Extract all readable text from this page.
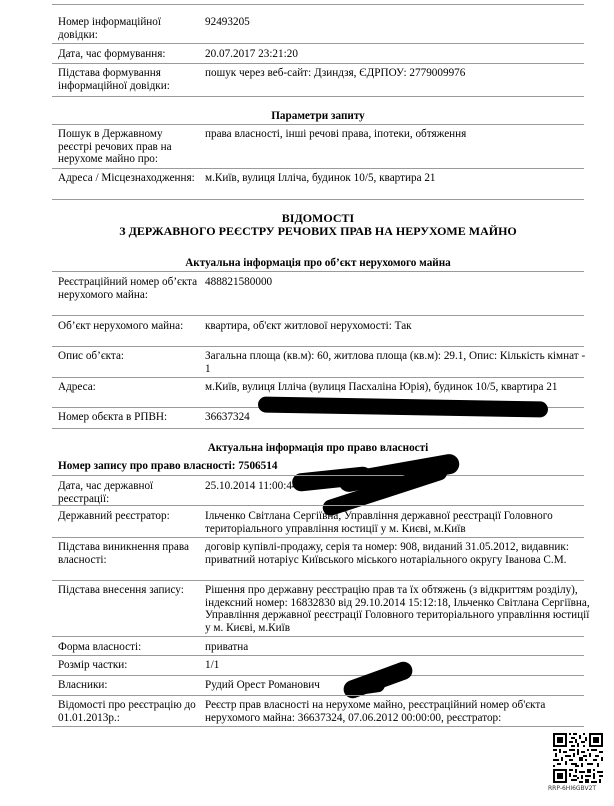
Номер інформаційної довідки:
92493205
Дата, час формування:	20.07.2017 23:21:20
Підстава формування інформаційної довідки:
пошук через веб-сайт: Дзиндзя, ЄДРПОУ: 2779009976
Параметри запиту
Пошук в Державному реєстрі речових прав на нерухоме майно про:
права власності, інші речові права, іпотеки, обтяження
Адреса / Місцезнаходження: м.Київ, вулиця Ілліча, будинок 10/5, квартира 21
ВІДОМОСТІ
З ДЕРЖАВНОГО РЕЄСТРУ РЕЧОВИХ ПРАВ НА НЕРУХОМЕ МАЙНО
Актуальна інформація про об’єкт нерухомого майна
Реєстраційний номер об’єкта нерухомого майна:
488821580000
Об’єкт нерухомого майна:	квартира, об'єкт житлової нерухомості: Так
Опис об’єкта:	Загальна площа (кв.м): 60, житлова площа (кв.м): 29.1, Опис: Кількість кімнат - 1
Адреса:	м.Київ, вулиця Ілліча (вулиця Пасхаліна Юрія), будинок 10/5, квартира 21
Номер обєкта в РПВН:	36637324
Актуальна інформація про право власності
Номер запису про право власності: 7506514
Дата, час державної реєстрації:
25.10.2014 11:00:44
Державний реєстратор:	Ільченко Світлана Сергіївна, Управління державної реєстрації Головного територіального управління юстиції у м. Києві, м.Київ
Підстава виникнення права власності:
договір купівлі-продажу, серія та номер: 908, виданий 31.05.2012, видавник: приватний нотаріус Київського міського нотаріального округу Іванова С.М.
Підстава внесення запису:	Рішення про державну реєстрацію прав та їх обтяжень (з відкриттям розділу), індексний номер: 16832830 від 29.10.2014 15:12:18, Ільченко Світлана Сергіївна, Управління державної реєстрації Головного територіального управління юстиції у м. Києві, м.Київ
Форма власності:	приватна
Розмір частки:	1/1
Власники:	Рудий Орест Романович
Відомості про реєстрацію до 01.01.2013р.:
Реєстр прав власності на нерухоме майно, реєстраційний номер об'єкта нерухомого майна: 36637324, 07.06.2012 00:00:00, реєстратор:
RRP-6HI6GBV2T
